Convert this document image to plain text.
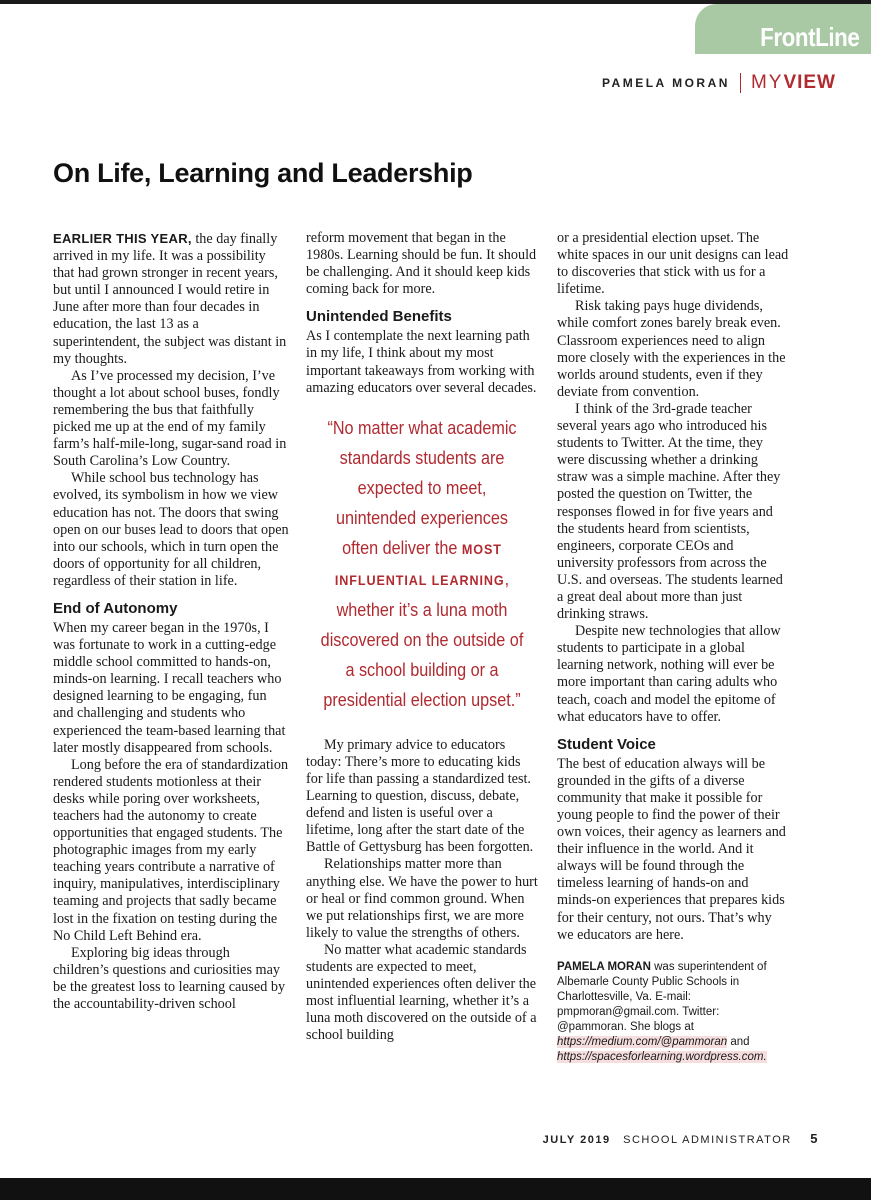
FrontLine
PAMELA MORAN MY VIEW
On Life, Learning and Leadership

EARLIER THIS YEAR, the day finally arrived in my life. It was a possibility that had grown stronger in recent years, but until I announced I would retire in June after more than four decades in education, the last 13 as a superintendent, the subject was distant in my thoughts.

As I’ve processed my decision, I’ve thought a lot about school buses, fondly remembering the bus that faithfully picked me up at the end of my family farm’s half-mile-long, sugar-sand road in South Carolina’s Low Country.

While school bus technology has evolved, its symbolism in how we view education has not. The doors that swing open on our buses lead to doors that open into our schools, which in turn open the doors of opportunity for all children, regardless of their station in life.

End of Autonomy

When my career began in the 1970s, I was fortunate to work in a cutting-edge middle school committed to hands-on, minds-on learning. I recall teachers who designed learning to be engaging, fun and challenging and students who experienced the team-based learning that later mostly disappeared from schools.

Long before the era of standardization rendered students motionless at their desks while poring over worksheets, teachers had the autonomy to create opportunities that engaged students. The photographic images from my early teaching years contribute a narrative of inquiry, manipulatives, interdisciplinary teaming and projects that sadly became lost in the fixation on testing during the No Child Left Behind era.

Exploring big ideas through children’s questions and curiosities may be the greatest loss to learning caused by the accountability-driven school

reform movement that began in the 1980s. Learning should be fun. It should be challenging. And it should keep kids coming back for more.

Unintended Benefits

As I contemplate the next learning path in my life, I think about my most important takeaways from working with amazing educators over several decades.

“No matter what academic standards students are expected to meet, unintended experiences often deliver the MOST INFLUENTIAL LEARNING, whether it’s a luna moth discovered on the outside of a school building or a presidential election upset.”

My primary advice to educators today: There’s more to educating kids for life than passing a standardized test. Learning to question, discuss, debate, defend and listen is useful over a lifetime, long after the start date of the Battle of Gettysburg has been forgotten.

Relationships matter more than anything else. We have the power to hurt or heal or find common ground. When we put relationships first, we are more likely to value the strengths of others.

No matter what academic standards students are expected to meet, unintended experiences often deliver the most influential learning, whether it’s a luna moth discovered on the outside of a school building

or a presidential election upset. The white spaces in our unit designs can lead to discoveries that stick with us for a lifetime.

Risk taking pays huge dividends, while comfort zones barely break even. Classroom experiences need to align more closely with the experiences in the worlds around students, even if they deviate from convention.

I think of the 3rd-grade teacher several years ago who introduced his students to Twitter. At the time, they were discussing whether a drinking straw was a simple machine. After they posted the question on Twitter, the responses flowed in for five years and the students heard from scientists, engineers, corporate CEOs and university professors from across the U.S. and overseas. The students learned a great deal about more than just drinking straws.

Despite new technologies that allow students to participate in a global learning network, nothing will ever be more important than caring adults who teach, coach and model the epitome of what educators have to offer.

Student Voice

The best of education always will be grounded in the gifts of a diverse community that make it possible for young people to find the power of their own voices, their agency as learners and their influence in the world. And it always will be found through the timeless learning of hands-on and minds-on experiences that prepares kids for their century, not ours. That’s why we educators are here.

PAMELA MORAN was superintendent of Albemarle County Public Schools in Charlottesville, Va. E-mail: pmpmoran@gmail.com. Twitter: @pammoran. She blogs at https://medium.com/@pammoran and https://spacesforlearning.wordpress.com.
JULY 2019 SCHOOL ADMINISTRATOR 5
